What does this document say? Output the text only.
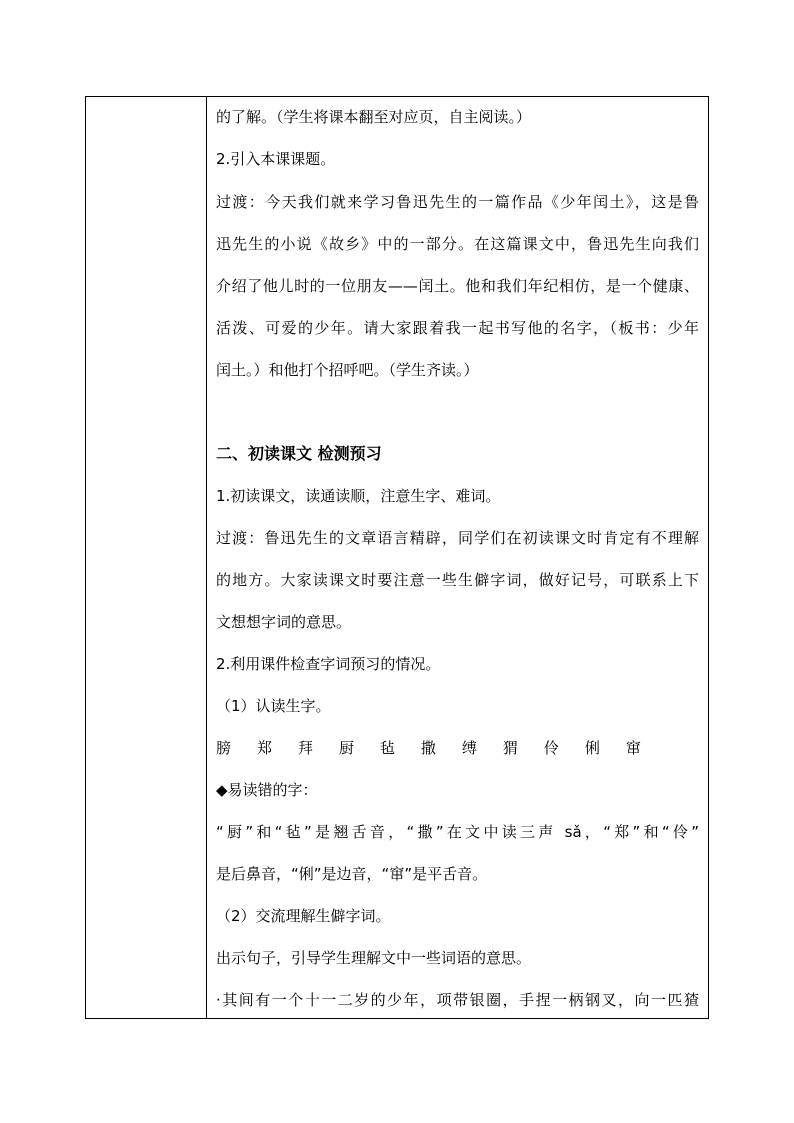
的了解。（学生将课本翻至对应页，自主阅读。）
2.引入本课课题。
过渡：今天我们就来学习鲁迅先生的一篇作品《少年闰土》，这是鲁
迅先生的小说《故乡》中的一部分。在这篇课文中，鲁迅先生向我们
介绍了他儿时的一位朋友——闰土。他和我们年纪相仿，是一个健康、
活泼、可爱的少年。请大家跟着我一起书写他的名字，（板书：少年
闰土。）和他打个招呼吧。（学生齐读。）
二、初读课文 检测预习
1.初读课文，读通读顺，注意生字、难词。
过渡：鲁迅先生的文章语言精辟，同学们在初读课文时肯定有不理解
的地方。大家读课文时要注意一些生僻字词，做好记号，可联系上下
文想想字词的意思。
2.利用课件检查字词预习的情况。
（1）认读生字。
膀 郑 拜 厨 毡 撒 缚 猬 伶 俐 窜
◆易读错的字：
“厨”和“毡”是翘舌音，“撒”在文中读三声 sǎ，“郑”和“伶”
是后鼻音，“俐”是边音，“窜”是平舌音。
（2）交流理解生僻字词。
出示句子，引导学生理解文中一些词语的意思。
·其间有一个十一二岁的少年，项带银圈，手捏一柄钢叉，向一匹猹
